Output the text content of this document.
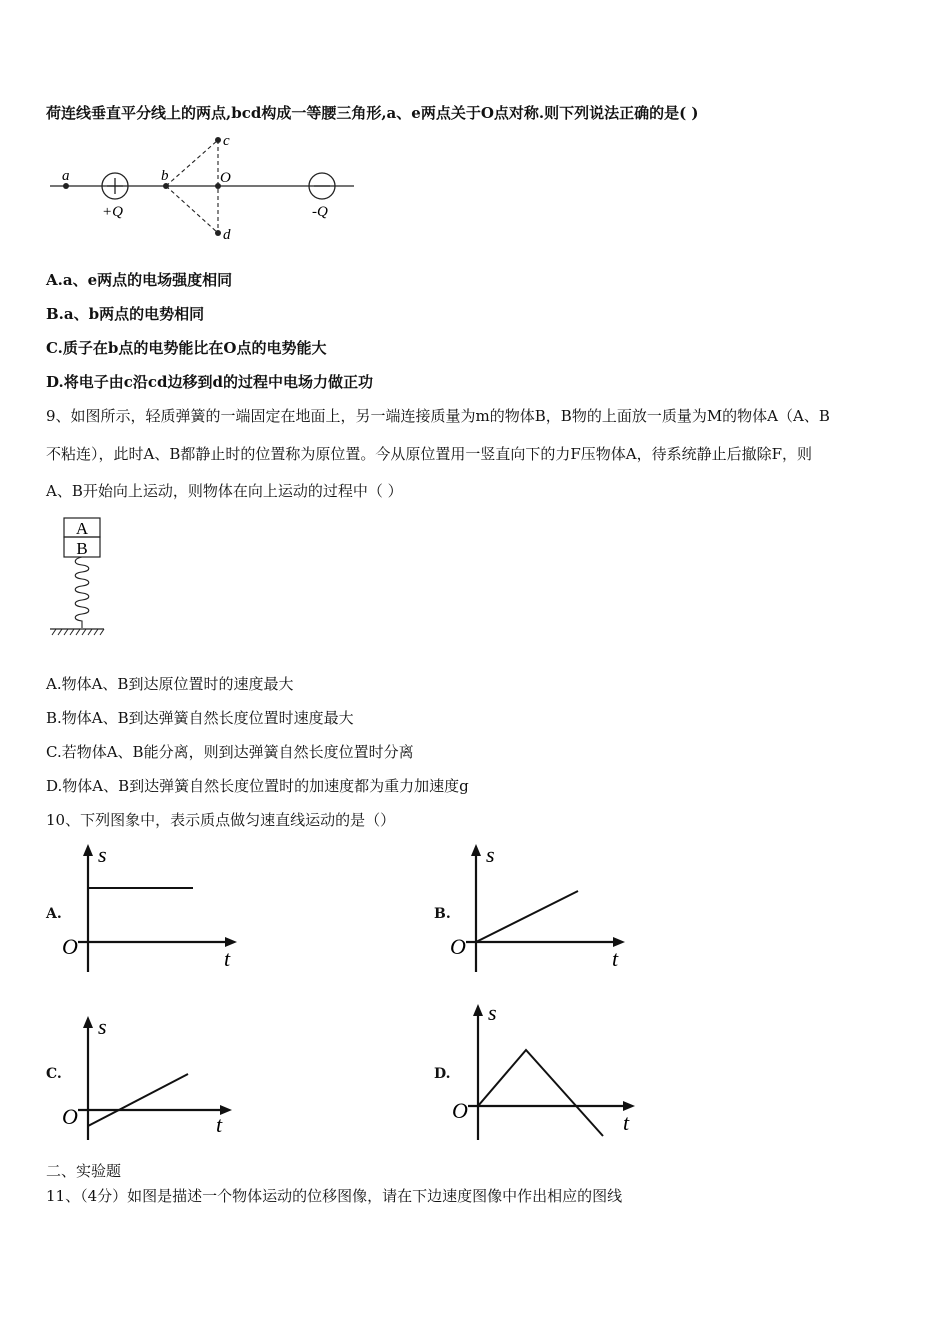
荷连线垂直平分线上的两点,bcd构成一等腰三角形,a、e两点关于O点对称.则下列说法正确的是( )
a
+Q
b
c
O
d
-Q
A.a、e两点的电场强度相同
B.a、b两点的电势相同
C.质子在b点的电势能比在O点的电势能大
D.将电子由c沿cd边移到d的过程中电场力做正功
9、如图所示，轻质弹簧的一端固定在地面上，另一端连接质量为m的物体B，B物的上面放一质量为M的物体A（A、B
不粘连），此时A、B都静止时的位置称为原位置。今从原位置用一竖直向下的力F压物体A，待系统静止后撤除F，则
A、B开始向上运动，则物体在向上运动的过程中（ ）
A
B
A.物体A、B到达原位置时的速度最大
B.物体A、B到达弹簧自然长度位置时速度最大
C.若物体A、B能分离，则到达弹簧自然长度位置时分离
D.物体A、B到达弹簧自然长度位置时的加速度都为重力加速度g
10、下列图象中，表示质点做匀速直线运动的是（）
A.
s
t
O
B.
s
t
O
C.
s
t
O
D.
s
t
O
二、实验题
11、（4分）如图是描述一个物体运动的位移图像，请在下边速度图像中作出相应的图线
